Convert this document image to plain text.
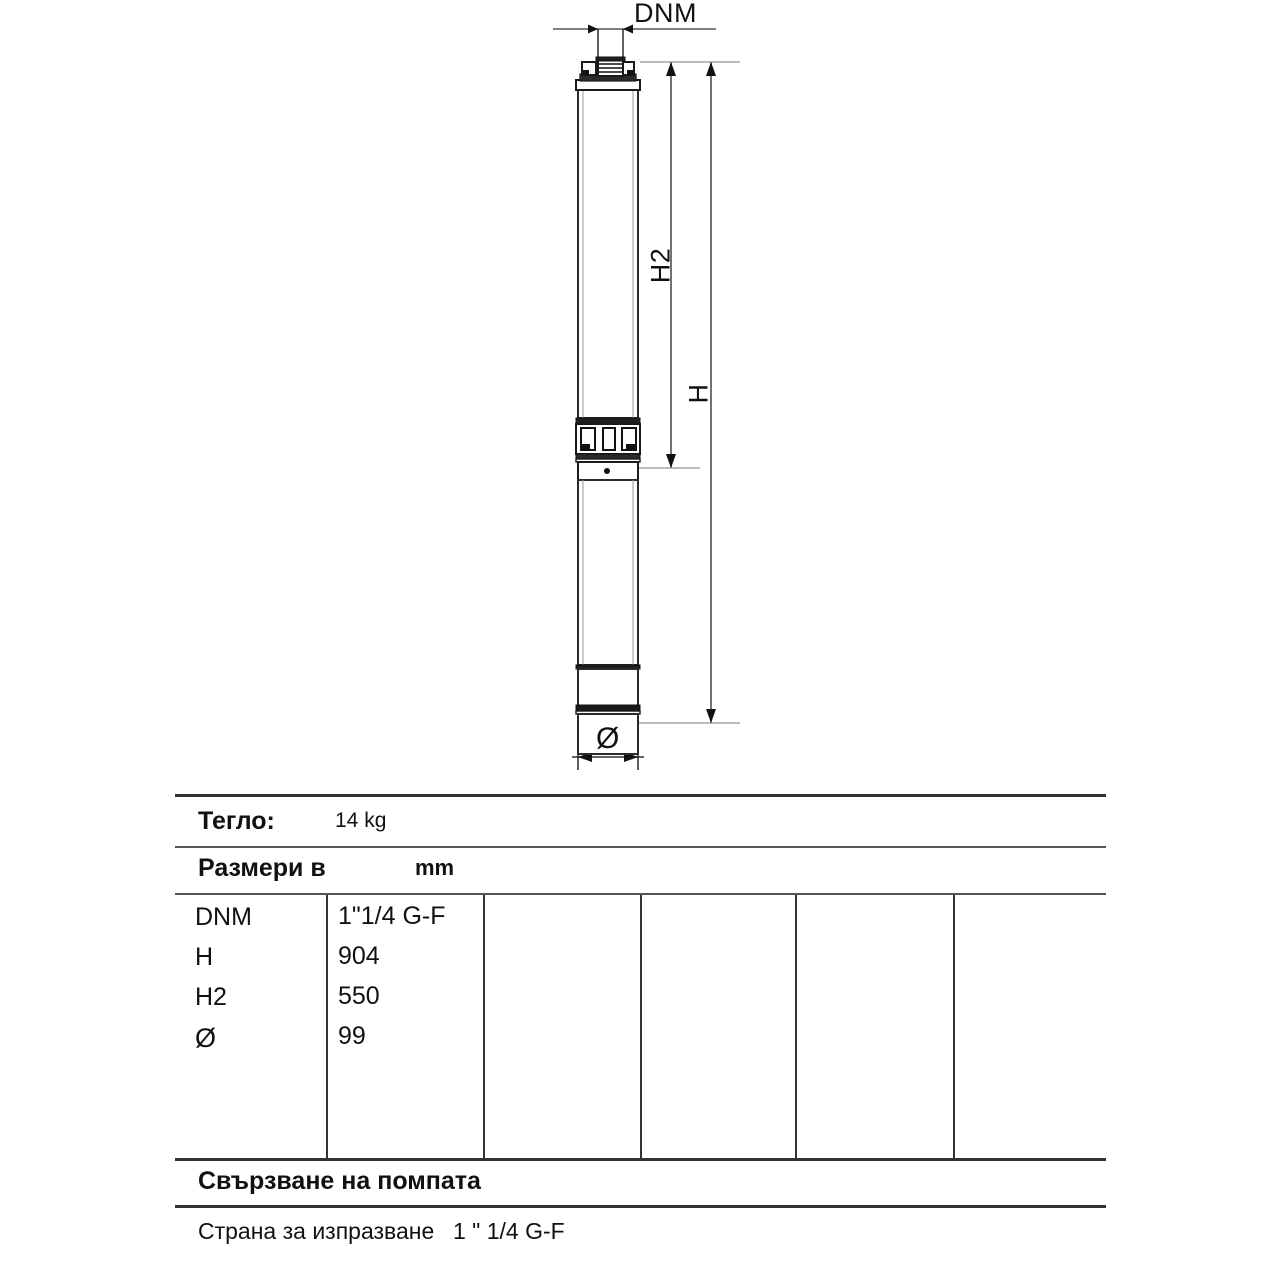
DNM
H2
H
Ø
Тегло:	14 kg
Размери в	mm
DNM	1"1/4 G-F
H	904
H2	550
Ø	99
Свързване на помпата
Страна за изпразване 1 " 1/4 G-F
